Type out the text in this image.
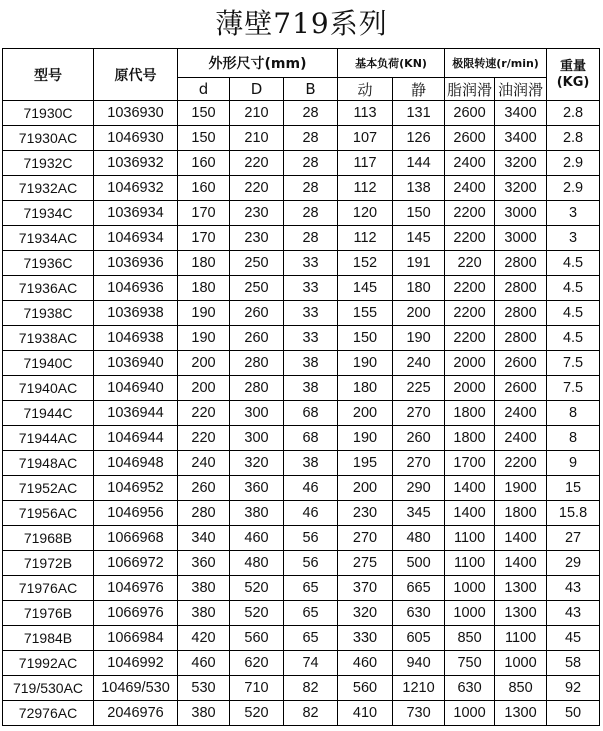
薄壁719系列
型号	原代号	外形尺寸(mm)			基本负荷(KN)		极限转速(r/min)		重量
(KG)
		d	D	B	动	静	脂润滑	油润滑	
71930C	1036930	150	210	28	113	131	2600	3400	2.8
71930AC	1046930	150	210	28	107	126	2600	3400	2.8
71932C	1036932	160	220	28	117	144	2400	3200	2.9
71932AC	1046932	160	220	28	112	138	2400	3200	2.9
71934C	1036934	170	230	28	120	150	2200	3000	3
71934AC	1046934	170	230	28	112	145	2200	3000	3
71936C	1036936	180	250	33	152	191	220	2800	4.5
71936AC	1046936	180	250	33	145	180	2200	2800	4.5
71938C	1036938	190	260	33	155	200	2200	2800	4.5
71938AC	1046938	190	260	33	150	190	2200	2800	4.5
71940C	1036940	200	280	38	190	240	2000	2600	7.5
71940AC	1046940	200	280	38	180	225	2000	2600	7.5
71944C	1036944	220	300	68	200	270	1800	2400	8
71944AC	1046944	220	300	68	190	260	1800	2400	8
71948AC	1046948	240	320	38	195	270	1700	2200	9
71952AC	1046952	260	360	46	200	290	1400	1900	15
71956AC	1046956	280	380	46	230	345	1400	1800	15.8
71968B	1066968	340	460	56	270	480	1100	1400	27
71972B	1066972	360	480	56	275	500	1100	1400	29
71976AC	1046976	380	520	65	370	665	1000	1300	43
71976B	1066976	380	520	65	320	630	1000	1300	43
71984B	1066984	420	560	65	330	605	850	1100	45
71992AC	1046992	460	620	74	460	940	750	1000	58
719/530AC	10469/530	530	710	82	560	1210	630	850	92
72976AC	2046976	380	520	82	410	730	1000	1300	50
